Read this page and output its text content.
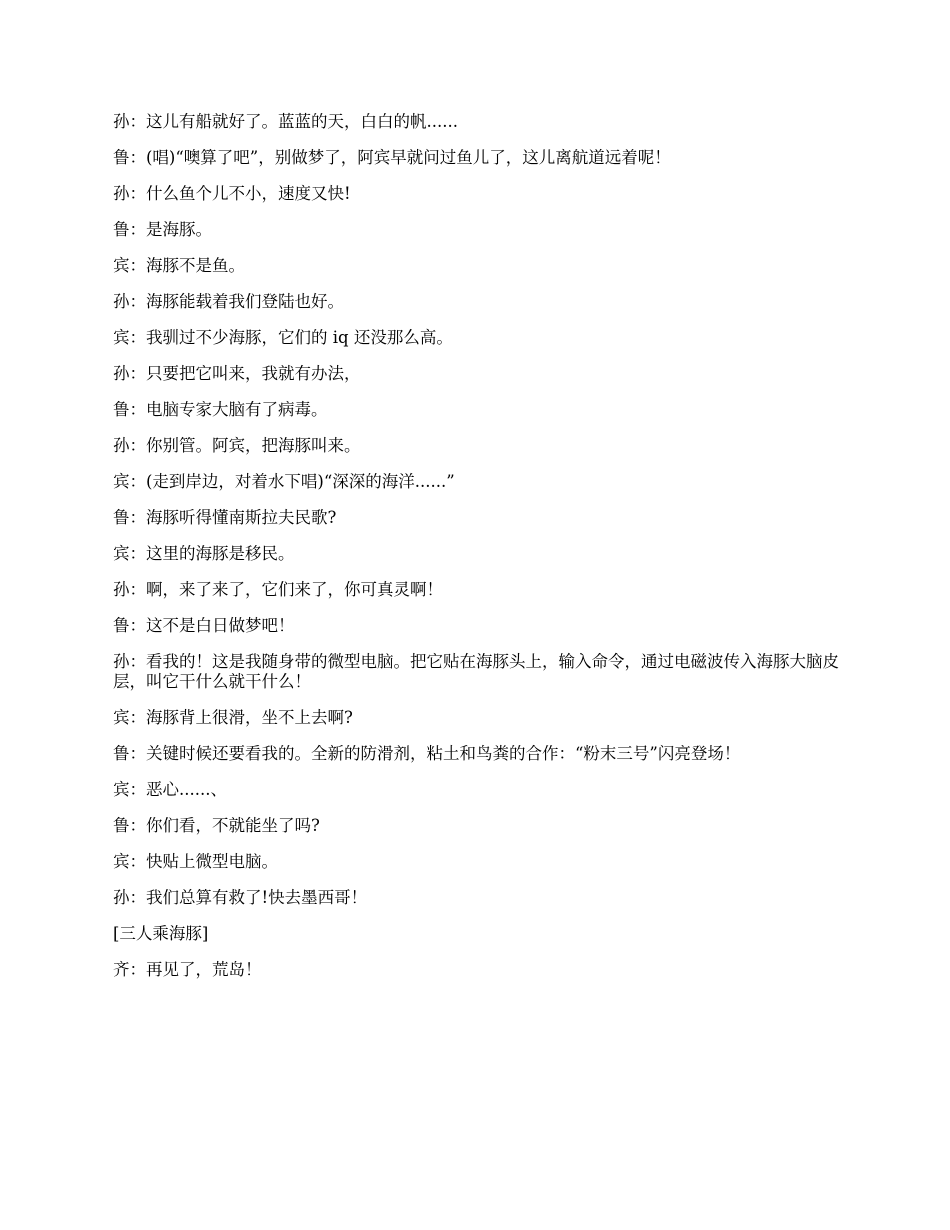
孙：这儿有船就好了。蓝蓝的天，白白的帆......

鲁：(唱)“噢算了吧”，别做梦了，阿宾早就问过鱼儿了，这儿离航道远着呢！

孙：什么鱼个儿不小，速度又快!

鲁：是海豚。

宾：海豚不是鱼。

孙：海豚能载着我们登陆也好。

宾：我驯过不少海豚，它们的 iq 还没那么高。

孙：只要把它叫来，我就有办法，

鲁：电脑专家大脑有了病毒。

孙：你别管。阿宾，把海豚叫来。

宾：(走到岸边，对着水下唱)“深深的海洋......”

鲁：海豚听得懂南斯拉夫民歌?

宾：这里的海豚是移民。

孙：啊，来了来了，它们来了，你可真灵啊！

鲁：这不是白日做梦吧！

孙：看我的！这是我随身带的微型电脑。把它贴在海豚头上，输入命令，通过电磁波传入海豚大脑皮层，叫它干什么就干什么！

宾：海豚背上很滑，坐不上去啊?

鲁：关键时候还要看我的。全新的防滑剂，粘土和鸟粪的合作：“粉末三号”闪亮登场！

宾：恶心......、

鲁：你们看，不就能坐了吗?

宾：快贴上微型电脑。

孙：我们总算有救了!快去墨西哥！

[三人乘海豚]

齐：再见了，荒岛！
